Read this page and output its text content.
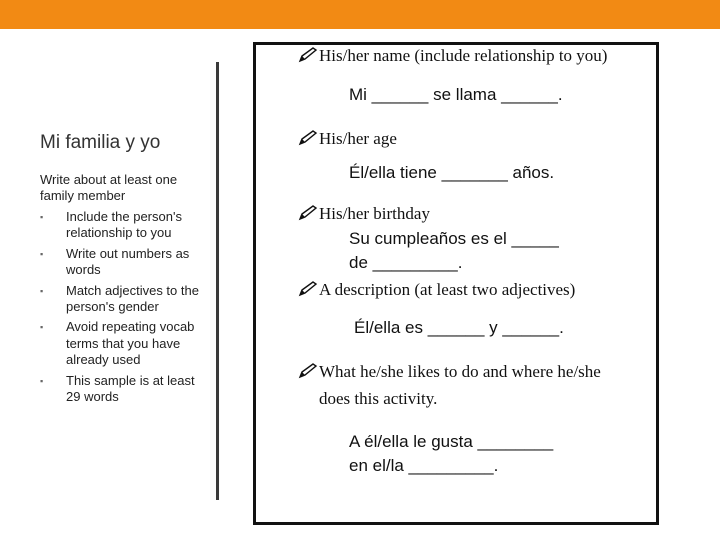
Mi familia y yo
Write about at least one family member
▪ Include the person's relationship to you
▪ Write out numbers as words
▪ Match adjectives to the person's gender
▪ Avoid repeating vocab terms that you have already used
▪ This sample is at least 29 words
His/her name (include relationship to you)
Mi ______ se llama ______.
His/her age
Él/ella tiene _______ años.
His/her birthday
Su cumpleaños es el _____
de _________.
A description (at least two adjectives)
Él/ella es ______ y ______.
What he/she likes to do and where he/she
does this activity.
A él/ella le gusta ________
en el/la _________.
